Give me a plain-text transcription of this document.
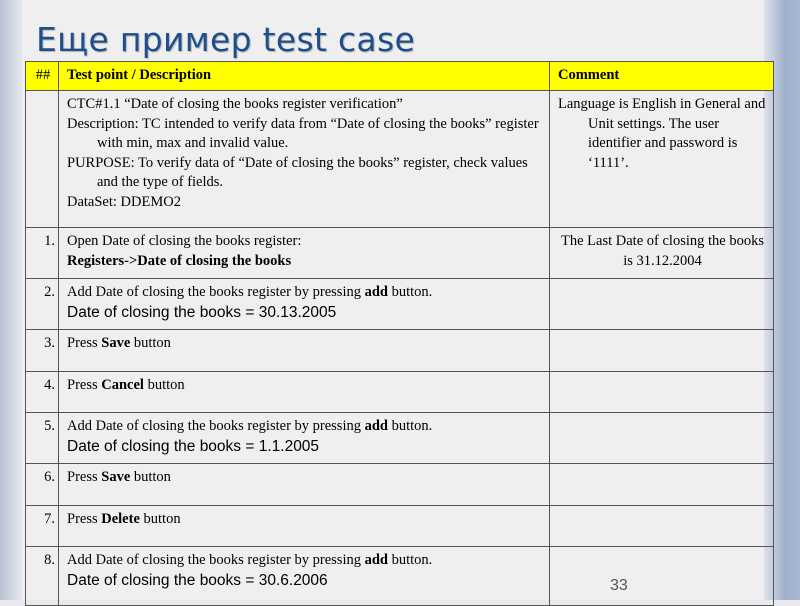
Еще пример test case
##	Test point / Description	Comment

	CTC#1.1 “Date of closing the books register verification”
Description: TC intended to verify data from “Date of closing the books” register with min, max and invalid value.
PURPOSE: To verify data of “Date of closing the books” register, check values and the type of fields.
DataSet: DDEMO2	Language is English in General and Unit settings. The user identifier and password is ‘1111’.

1.	Open Date of closing the books register:
Registers->Date of closing the books	The Last Date of closing the books is 31.12.2004
2.	Add Date of closing the books register by pressing add button.
Date of closing the books = 30.13.2005	

3.	Press Save button	
4.	Press Cancel button	
5.	Add Date of closing the books register by pressing add button.
Date of closing the books = 1.1.2005	

6.	Press Save button	
7.	Press Delete button	
8.	Add Date of closing the books register by pressing add button.
Date of closing the books = 30.6.2006	
		33
